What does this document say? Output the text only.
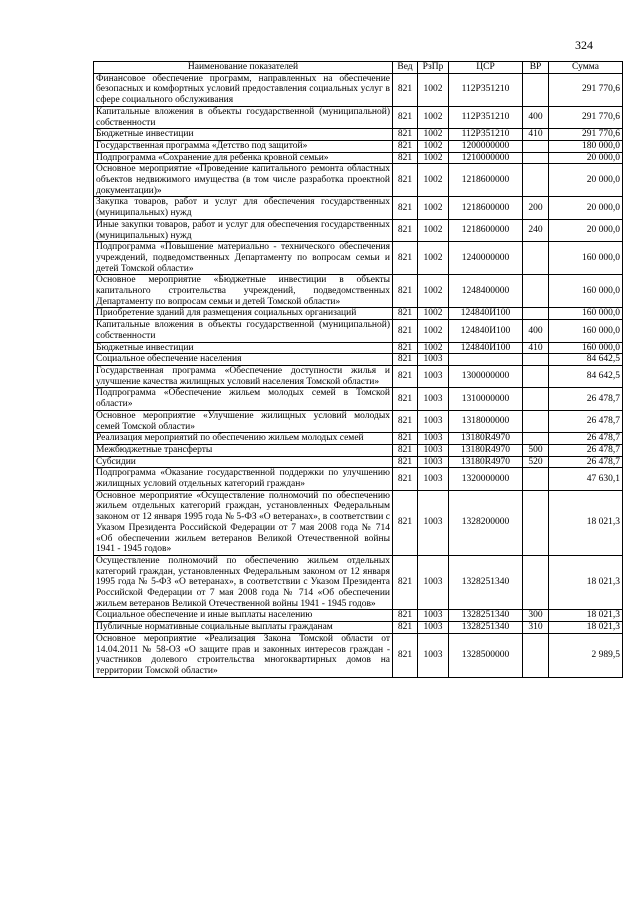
324
Наименование показателей	Вед	РзПр	ЦСР	ВР	Сумма
Финансовое обеспечение программ, направленных на обеспечение безопасных и комфортных условий предоставления социальных услуг в сфере социального обслуживания	821	1002	112P351210		291 770,6
Капитальные вложения в объекты государственной (муниципальной) собственности	821	1002	112P351210	400	291 770,6
Бюджетные инвестиции	821	1002	112P351210	410	291 770,6
Государственная программа «Детство под защитой»	821	1002	1200000000		180 000,0
Подпрограмма «Сохранение для ребенка кровной семьи»	821	1002	1210000000		20 000,0
Основное мероприятие «Проведение капитального ремонта областных объектов недвижимого имущества (в том числе разработка проектной документации)»	821	1002	1218600000		20 000,0
Закупка товаров, работ и услуг для обеспечения государственных (муниципальных) нужд	821	1002	1218600000	200	20 000,0
Иные закупки товаров, работ и услуг для обеспечения государственных (муниципальных) нужд	821	1002	1218600000	240	20 000,0
Подпрограмма «Повышение материально - технического обеспечения учреждений, подведомственных Департаменту по вопросам семьи и детей Томской области»	821	1002	1240000000		160 000,0
Основное мероприятие «Бюджетные инвестиции в объекты капитального строительства учреждений, подведомственных Департаменту по вопросам семьи и детей Томской области»	821	1002	1248400000		160 000,0
Приобретение зданий для размещения социальных организаций	821	1002	124840И100		160 000,0
Капитальные вложения в объекты государственной (муниципальной) собственности	821	1002	124840И100	400	160 000,0
Бюджетные инвестиции	821	1002	124840И100	410	160 000,0
Социальное обеспечение населения	821	1003			84 642,5
Государственная программа «Обеспечение доступности жилья и улучшение качества жилищных условий населения Томской области»	821	1003	1300000000		84 642,5
Подпрограмма «Обеспечение жильем молодых семей в Томской области»	821	1003	1310000000		26 478,7
Основное мероприятие «Улучшение жилищных условий молодых семей Томской области»	821	1003	1318000000		26 478,7
Реализация мероприятий по обеспечению жильем молодых семей	821	1003	13180R4970		26 478,7
Межбюджетные трансферты	821	1003	13180R4970	500	26 478,7
Субсидии	821	1003	13180R4970	520	26 478,7
Подпрограмма «Оказание государственной поддержки по улучшению жилищных условий отдельных категорий граждан»	821	1003	1320000000		47 630,1
Основное мероприятие «Осуществление полномочий по обеспечению жильем отдельных категорий граждан, установленных Федеральным законом от 12 января 1995 года № 5-ФЗ «О ветеранах», в соответствии с Указом Президента Российской Федерации от 7 мая 2008 года № 714 «Об обеспечении жильем ветеранов Великой Отечественной войны 1941 - 1945 годов»	821	1003	1328200000		18 021,3
Осуществление полномочий по обеспечению жильем отдельных категорий граждан, установленных Федеральным законом от 12 января 1995 года № 5-ФЗ «О ветеранах», в соответствии с Указом Президента Российской Федерации от 7 мая 2008 года № 714 «Об обеспечении жильем ветеранов Великой Отечественной войны 1941 - 1945 годов»	821	1003	1328251340		18 021,3
Социальное обеспечение и иные выплаты населению	821	1003	1328251340	300	18 021,3
Публичные нормативные социальные выплаты гражданам	821	1003	1328251340	310	18 021,3
Основное мероприятие «Реализация Закона Томской области от 14.04.2011 № 58-ОЗ «О защите прав и законных интересов граждан - участников долевого строительства многоквартирных домов на территории Томской области»	821	1003	1328500000		2 989,5
